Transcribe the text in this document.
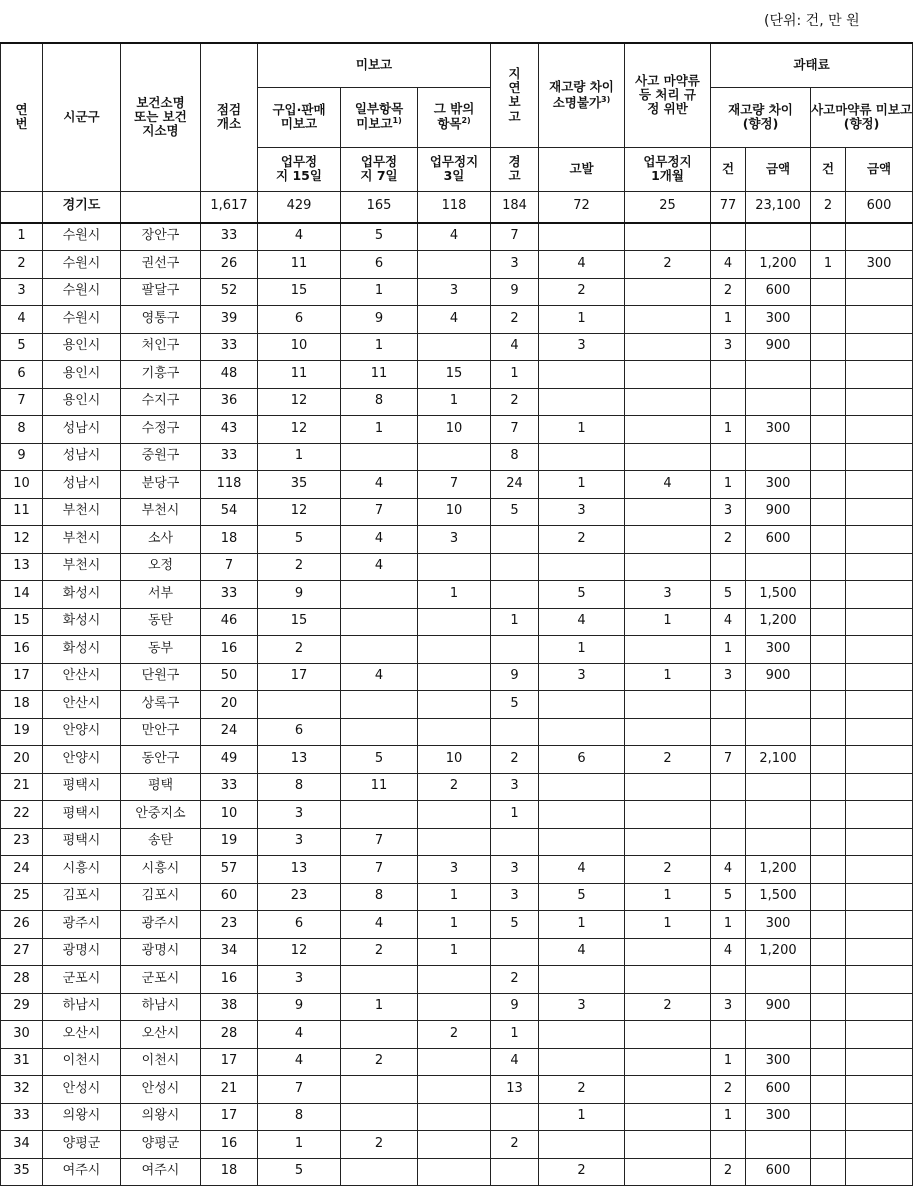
(단위: 건, 만 원
연번	시군구	보건소명 또는 보건지소명	점검개소	미보고			지연보고	재고량 차이 소명불가$^{3)}$	사고 마약류 등 처리 규정 위반	과태료			
				구입·판매 미보고	일부항목 미보고$^{1)}$	그 밖의 항목$^{2)}$				재고량 차이 (향정)		사고마약류 미보고 (향정)	
				업무정지 15일	업무정지 7일	업무정지 3일	경고	고발	업무정지 1개월	건	금액	건	금액
	경기도		1,617	429	165	118	184	72	25	77	23,100	2	600
1	수원시	장안구	33	4	5	4	7						
2	수원시	권선구	26	11	6		3	4	2	4	1,200	1	300
3	수원시	팔달구	52	15	1	3	9	2		2	600		
4	수원시	영통구	39	6	9	4	2	1		1	300		
5	용인시	처인구	33	10	1		4	3		3	900		
6	용인시	기흥구	48	11	11	15	1						
7	용인시	수지구	36	12	8	1	2						
8	성남시	수정구	43	12	1	10	7	1		1	300		
9	성남시	중원구	33	1			8						
10	성남시	분당구	118	35	4	7	24	1	4	1	300		
11	부천시	부천시	54	12	7	10	5	3		3	900		
12	부천시	소사	18	5	4	3		2		2	600		
13	부천시	오정	7	2	4								
14	화성시	서부	33	9		1		5	3	5	1,500		
15	화성시	동탄	46	15			1	4	1	4	1,200		
16	화성시	동부	16	2				1		1	300		
17	안산시	단원구	50	17	4		9	3	1	3	900		
18	안산시	상록구	20				5						
19	안양시	만안구	24	6									
20	안양시	동안구	49	13	5	10	2	6	2	7	2,100		
21	평택시	평택	33	8	11	2	3						
22	평택시	안중지소	10	3			1						
23	평택시	송탄	19	3	7								
24	시흥시	시흥시	57	13	7	3	3	4	2	4	1,200		
25	김포시	김포시	60	23	8	1	3	5	1	5	1,500		
26	광주시	광주시	23	6	4	1	5	1	1	1	300		
27	광명시	광명시	34	12	2	1		4		4	1,200		
28	군포시	군포시	16	3			2						
29	하남시	하남시	38	9	1		9	3	2	3	900		
30	오산시	오산시	28	4		2	1						
31	이천시	이천시	17	4	2		4			1	300		
32	안성시	안성시	21	7			13	2		2	600		
33	의왕시	의왕시	17	8				1		1	300		
34	양평군	양평군	16	1	2		2						
35	여주시	여주시	18	5				2		2	600		
